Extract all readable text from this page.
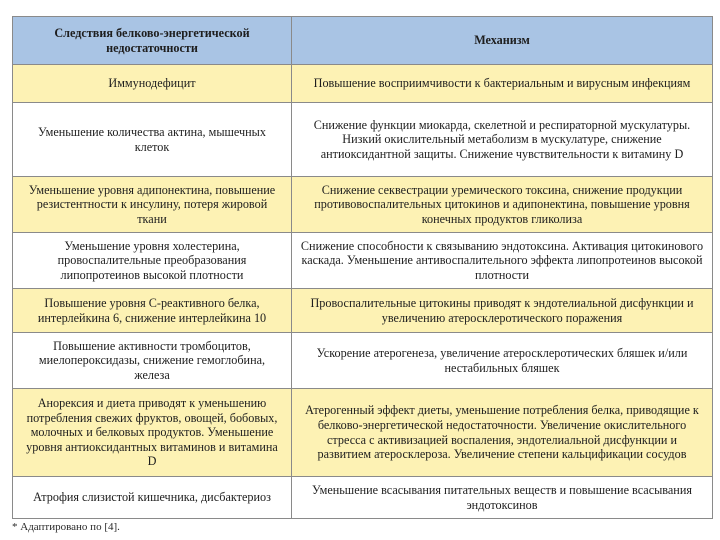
Следствия белково-энергетической недостаточности	Механизм
Иммунодефицит	Повышение восприимчивости к бактериальным и вирусным инфекциям
Уменьшение количества актина, мышечных клеток	Снижение функции миокарда, скелетной и респираторной мускулатуры. Низкий окислительный метаболизм в мускулатуре, снижение антиоксидантной защиты. Снижение чувствительности к витамину D
Уменьшение уровня адипонектина, повышение резистентности к инсулину, потеря жировой ткани	Снижение секвестрации уремического токсина, снижение продукции противовоспалительных цитокинов и адипонектина, повышение уровня конечных продуктов гликолиза
Уменьшение уровня холестерина, провоспалительные преобразования липопротеинов высокой плотности	Снижение способности к связыванию эндотоксина. Активация цитокинового каскада. Уменьшение антивоспалительного эффекта липопротеинов высокой плотности
Повышение уровня С-реактивного белка, интерлейкина 6, снижение интерлейкина 10	Провоспалительные цитокины приводят к эндотелиальной дисфункции и увеличению атеросклеротического поражения
Повышение активности тромбоцитов, миелопероксидазы, снижение гемоглобина, железа	Ускорение атерогенеза, увеличение атеросклеротических бляшек и/или нестабильных бляшек
Анорексия и диета приводят к уменьшению потребления свежих фруктов, овощей, бобовых, молочных и белковых продуктов. Уменьшение уровня антиоксидантных витаминов и витамина D	Атерогенный эффект диеты, уменьшение потребления белка, приводящие к белково-энергетической недостаточности. Увеличение окислительного стресса с активизацией воспаления, эндотелиальной дисфункции и развитием атеросклероза. Увеличение степени кальцификации сосудов
Атрофия слизистой кишечника, дисбактериоз	Уменьшение всасывания питательных веществ и повышение всасывания эндотоксинов
* Адаптировано по [4].
